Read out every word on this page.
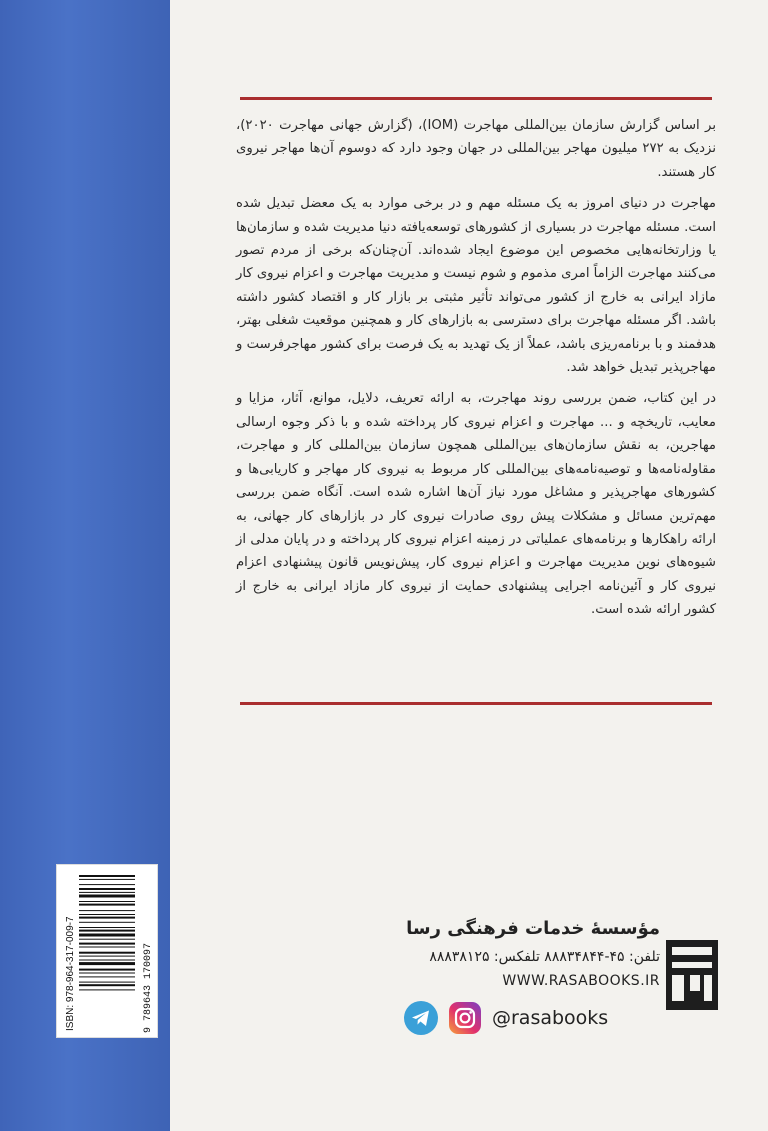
بر اساس گزارش سازمان بین‌المللی مهاجرت (IOM)، (گزارش جهانی مهاجرت ۲۰۲۰)، نزدیک به ۲۷۲ میلیون مهاجر بین‌المللی در جهان وجود دارد که دوسوم آن‌ها مهاجر نیروی کار هستند.

مهاجرت در دنیای امروز به یک مسئله مهم و در برخی موارد به یک معضل تبدیل شده است. مسئله مهاجرت در بسیاری از کشورهای توسعه‌یافته دنیا مدیریت شده و سازمان‌ها یا وزارتخانه‌هایی مخصوص این موضوع ایجاد شده‌اند. آن‌چنان‌که برخی از مردم تصور می‌کنند مهاجرت الزاماً امری مذموم و شوم نیست و مدیریت مهاجرت و اعزام نیروی کار مازاد ایرانی به خارج از کشور می‌تواند تأثیر مثبتی بر بازار کار و اقتصاد کشور داشته باشد. اگر مسئله مهاجرت برای دسترسی به بازارهای کار و همچنین موقعیت شغلی بهتر، هدفمند و با برنامه‌ریزی باشد، عملاً از یک تهدید به یک فرصت برای کشور مهاجرفرست و مهاجرپذیر تبدیل خواهد شد.

در این کتاب، ضمن بررسی روند مهاجرت، به ارائه تعریف، دلایل، موانع، آثار، مزایا و معایب، تاریخچه و ... مهاجرت و اعزام نیروی کار پرداخته شده و با ذکر وجوه ارسالی مهاجرین، به نقش سازمان‌های بین‌المللی همچون سازمان بین‌المللی کار و مهاجرت، مقاوله‌نامه‌ها و توصیه‌نامه‌های بین‌المللی کار مربوط به نیروی کار مهاجر و کاریابی‌ها و کشورهای مهاجرپذیر و مشاغل مورد نیاز آن‌ها اشاره شده است. آنگاه ضمن بررسی مهم‌ترین مسائل و مشکلات پیش روی صادرات نیروی کار در بازارهای کار جهانی، به ارائه راهکارها و برنامه‌های عملیاتی در زمینه اعزام نیروی کار پرداخته و در پایان مدلی از شیوه‌های نوین مدیریت مهاجرت و اعزام نیروی کار، پیش‌نویس قانون پیشنهادی اعزام نیروی کار و آئین‌نامه اجرایی پیشنهادی حمایت از نیروی کار مازاد ایرانی به خارج از کشور ارائه شده است.

ISBN: 978-964-317-009-7	9 789643 170097
مؤسسهٔ خدمات فرهنگی رسا
تلفن: ۴۵-۸۸۸۳۴۸۴۴ تلفکس: ۸۸۸۳۸۱۲۵
WWW.RASABOOKS.IR
@rasabooks
